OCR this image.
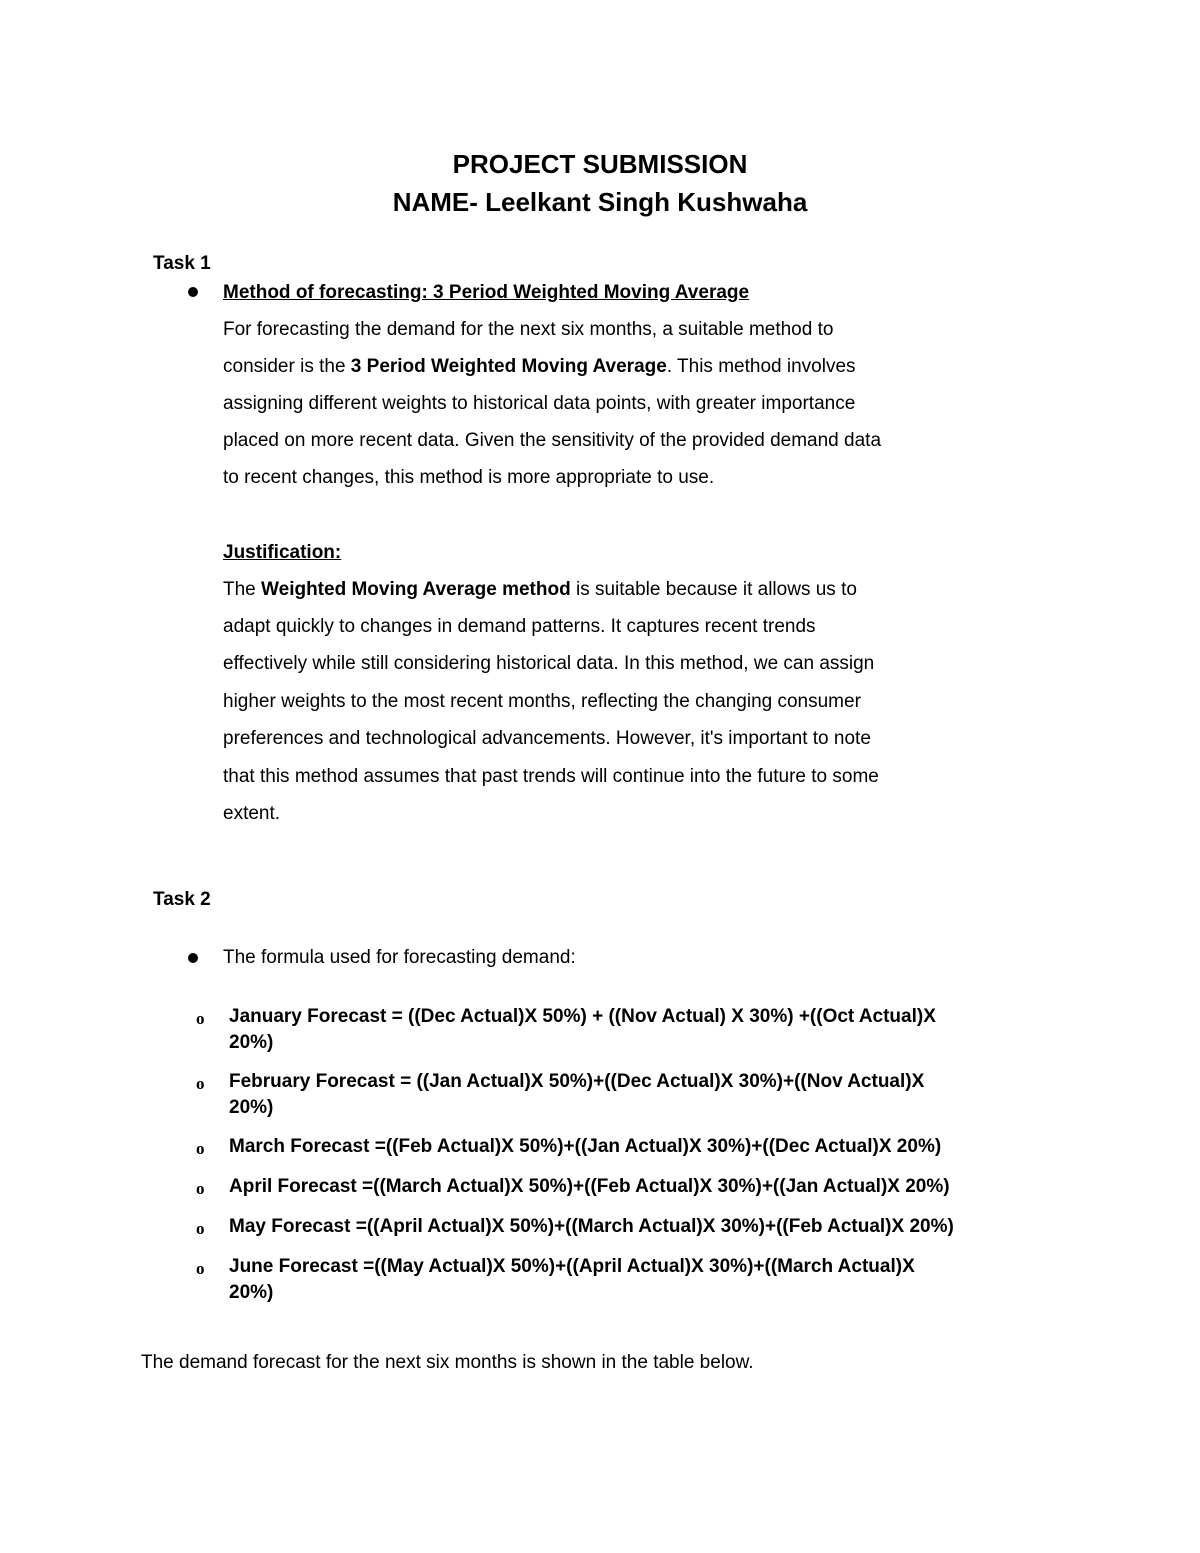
PROJECT SUBMISSION
NAME- Leelkant Singh Kushwaha
Task 1
Method of forecasting: 3 Period Weighted Moving Average
For forecasting the demand for the next six months, a suitable method to
consider is the 3 Period Weighted Moving Average. This method involves
assigning different weights to historical data points, with greater importance
placed on more recent data. Given the sensitivity of the provided demand data
to recent changes, this method is more appropriate to use.
Justification:
The Weighted Moving Average method is suitable because it allows us to
adapt quickly to changes in demand patterns. It captures recent trends
effectively while still considering historical data. In this method, we can assign
higher weights to the most recent months, reflecting the changing consumer
preferences and technological advancements. However, it's important to note
that this method assumes that past trends will continue into the future to some
extent.
Task 2
The formula used for forecasting demand:
o January Forecast = ((Dec Actual)X 50%) + ((Nov Actual) X 30%) +((Oct Actual)X
20%)
o February Forecast = ((Jan Actual)X 50%)+((Dec Actual)X 30%)+((Nov Actual)X
20%)
o March Forecast =((Feb Actual)X 50%)+((Jan Actual)X 30%)+((Dec Actual)X 20%)
o April Forecast =((March Actual)X 50%)+((Feb Actual)X 30%)+((Jan Actual)X 20%)
o May Forecast =((April Actual)X 50%)+((March Actual)X 30%)+((Feb Actual)X 20%)
o June Forecast =((May Actual)X 50%)+((April Actual)X 30%)+((March Actual)X
20%)
The demand forecast for the next six months is shown in the table below.
